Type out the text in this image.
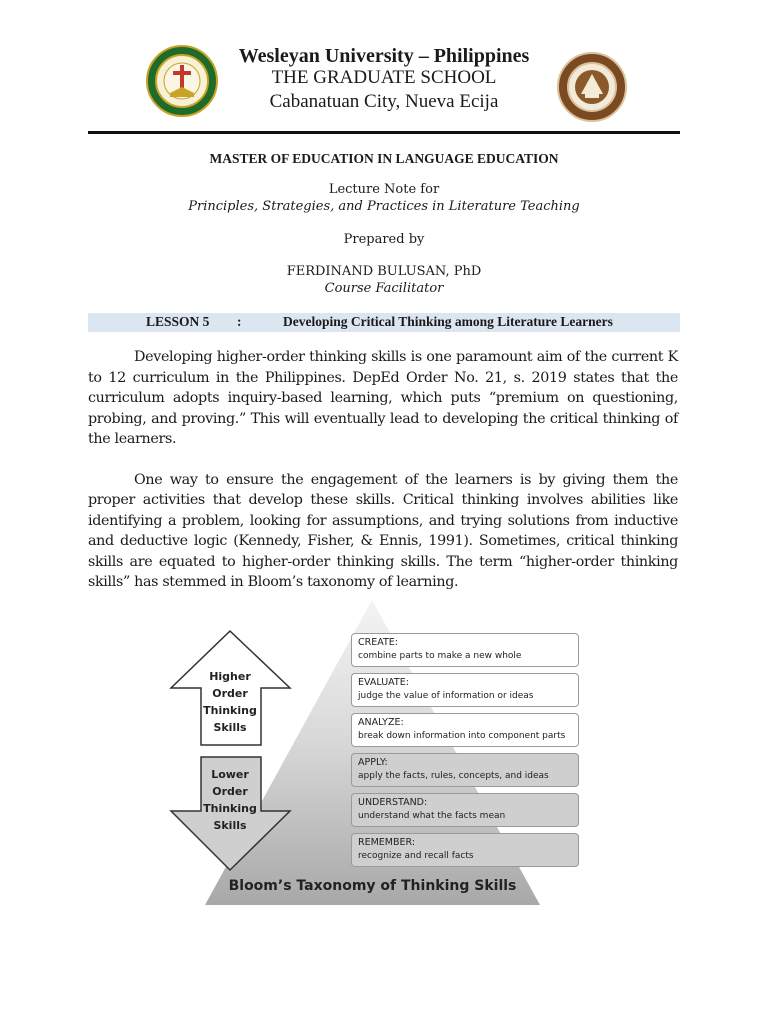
Wesleyan University – Philippines
THE GRADUATE SCHOOL
Cabanatuan City, Nueva Ecija
MASTER OF EDUCATION IN LANGUAGE EDUCATION
Lecture Note for
Principles, Strategies, and Practices in Literature Teaching
Prepared by
FERDINAND BULUSAN, PhD
Course Facilitator
LESSON 5 :	Developing Critical Thinking among Literature Learners

Developing higher-order thinking skills is one paramount aim of the current K to 12 curriculum in the Philippines. DepEd Order No. 21, s. 2019 states that the curriculum adopts inquiry-based learning, which puts “premium on questioning, probing, and proving.” This will eventually lead to developing the critical thinking of the learners.

One way to ensure the engagement of the learners is by giving them the proper activities that develop these skills. Critical thinking involves abilities like identifying a problem, looking for assumptions, and trying solutions from inductive and deductive logic (Kennedy, Fisher, & Ennis, 1991). Sometimes, critical thinking skills are equated to higher-order thinking skills. The term “higher-order thinking skills” has stemmed in Bloom’s taxonomy of learning.

Higher
Order
Thinking
Skills
Lower
Order
Thinking
Skills
CREATE:
combine parts to make a new whole
EVALUATE:
judge the value of information or ideas
ANALYZE:
break down information into component parts
APPLY:
apply the facts, rules, concepts, and ideas
UNDERSTAND:
understand what the facts mean
REMEMBER:
recognize and recall facts
Bloom’s Taxonomy of Thinking Skills
